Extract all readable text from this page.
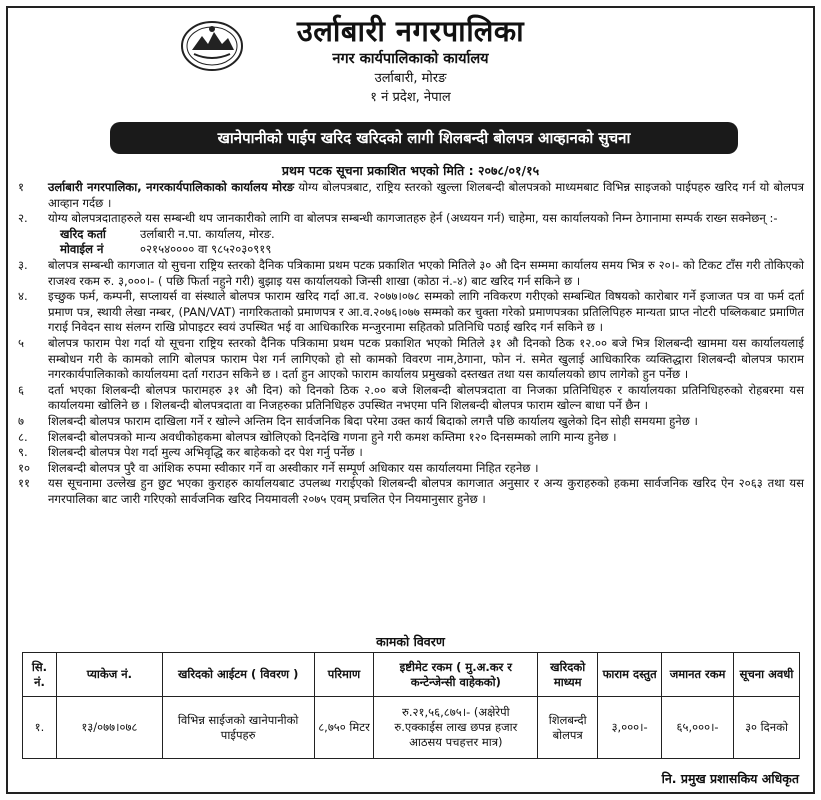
उर्लाबारी नगरपालिका
नगर कार्यपालिकाको कार्यालय
उर्लाबारी, मोरङ
१ नं प्रदेश, नेपाल
खानेपानीको पाईप खरिद खरिदको लागी शिलबन्दी बोलपत्र आव्हानको सुचना
प्रथम पटक सूचना प्रकाशित भएको मिति : २०७८/०१/१५
१	उर्लाबारी नगरपालिका, नगरकार्यपालिकाको कार्यालय मोरङ योग्य बोलपत्रबाट, राष्ट्रिय स्तरको खुल्ला शिलबन्दी बोलपत्रको माध्यमबाट विभिन्न साइजको पाईपहरु खरिद गर्न यो बोलपत्र आव्हान गर्दछ ।
२.	योग्य बोलपत्रदाताहरुले यस सम्बन्धी थप जानकारीको लागि वा बोलपत्र सम्बन्धी कागजातहरु हेर्न (अध्ययन गर्न) चाहेमा, यस कार्यालयको निम्न ठेगानामा सम्पर्क राख्न सक्नेछन् :-
खरिद कर्ता	उर्लाबारी न.पा. कार्यालय, मोरङ.
मोवाईल नं	०२१५४०००० वा ९८५२०३०९१९
३.	बोलपत्र सम्बन्धी कागजात यो सुचना राष्ट्रिय स्तरको दैनिक पत्रिकामा प्रथम पटक प्रकाशित भएको मितिले ३० औ दिन सम्ममा कार्यालय समय भित्र रु २०।- को टिकट टाँस गरी तोकिएको राजश्व रकम रु. ३,०००।- ( पछि फिर्ता नहुने गरी) बुझाइ यस कार्यालयको जिन्सी शाखा (कोठा नं.-४) बाट खरिद गर्न सकिने छ ।
४.	इच्छुक फर्म, कम्पनी, सप्लायर्स वा संस्थाले बोलपत्र फाराम खरिद गर्दा आ.व. २०७७।०७८ सम्मको लागि नविकरण गरीएको सम्बन्धित विषयको कारोबार गर्ने इजाजत पत्र वा फर्म दर्ता प्रमाण पत्र, स्थायी लेखा नम्बर, (PAN/VAT) नागरिकताको प्रमाणपत्र र आ.व.२०७६।०७७ सम्मको कर चुक्ता गरेको प्रमाणपत्रका प्रतिलिपिहरु मान्यता प्राप्त नोटरी पब्लिकबाट प्रमाणित गराई निवेदन साथ संलग्न राखि प्रोपाइटर स्वयं उपस्थित भई वा आधिकारिक मन्जुरनामा सहितको प्रतिनिधि पठाई खरिद गर्न सकिने छ ।
५	बोलपत्र फाराम पेश गर्दा यो सूचना राष्ट्रिय स्तरको दैनिक पत्रिकामा प्रथम पटक प्रकाशित भएको मितिले ३१ औ दिनको ठिक १२.०० बजे भित्र शिलबन्दी खाममा यस कार्यालयलाई सम्बोधन गरी के कामको लागि बोलपत्र फाराम पेश गर्न लागिएको हो सो कामको विवरण नाम,ठेगाना, फोन नं. समेत खुलाई आधिकारिक व्यक्तिद्धारा शिलबन्दी बोलपत्र फाराम नगरकार्यपालिकाको कार्यालयमा दर्ता गराउन सकिने छ । दर्ता हुन आएको फाराम कार्यालय प्रमुखको दस्तखत तथा यस कार्यालयको छाप लागेको हुन पर्नेछ ।
६	दर्ता भएका शिलबन्दी बोलपत्र फारामहरु ३१ औ दिन) को दिनको ठिक २.०० बजे शिलबन्दी बोलपत्रदाता वा निजका प्रतिनिधिहरु र कार्यालयका प्रतिनिधिहरुको रोहबरमा यस कार्यालयमा खोलिने छ । शिलबन्दी बोलपत्रदाता वा निजहरुका प्रतिनिधिहरु उपस्थित नभएमा पनि शिलबन्दी बोलपत्र फाराम खोल्न बाधा पर्ने छैन ।
७	शिलबन्दी बोलपत्र फाराम दाखिला गर्ने र खोल्ने अन्तिम दिन सार्वजनिक बिदा परेमा उक्त कार्य बिदाको लगत्तै पछि कार्यालय खुलेको दिन सोही समयमा हुनेछ ।
८.	शिलबन्दी बोलपत्रको मान्य अवधीकोहकमा बोलपत्र खोलिएको दिनदेखि गणना हुने गरी कमश कम्तिमा १२० दिनसम्मको लागि मान्य हुनेछ ।
९.	शिलबन्दी बोलपत्र पेश गर्दा मुल्य अभिवृद्धि कर बाहेकको दर पेश गर्नु पर्नेछ ।
१०	शिलबन्दी बोलपत्र पुरै वा आंशिक रुपमा स्वीकार गर्ने वा अस्वीकार गर्ने सम्पूर्ण अधिकार यस कार्यालयमा निहित रहनेछ ।
११	यस सूचनामा उल्लेख हुन छुट भएका कुराहरु कार्यालयबाट उपलब्ध गराईएको शिलबन्दी बोलपत्र कागजात अनुसार र अन्य कुराहरुको हकमा सार्वजनिक खरिद ऐन २०६३ तथा यस नगरपालिका बाट जारी गरिएको सार्वजनिक खरिद नियमावली २०७५ एवम् प्रचलित ऐन नियमानुसार हुनेछ ।
कामको विवरण
सि. नं.	प्याकेज नं.	खरिदको आईटम ( विवरण )	परिमाण	इष्टीमेट रकम ( मु.अ.कर र कन्टेन्जेन्सी वाहेकको)	खरिदको माध्यम	फाराम दस्तुत	जमानत रकम	सूचना अवधी
१.	१३/०७७।०७८	विभिन्न साईजको खानेपानीको पाईपहरु	८,७५० मिटर	रु.२१,५६,८७५।- (अक्षेरेपी रु.एक्काईस लाख छपन्न हजार आठसय पचहत्तर मात्र)	शिलबन्दी बोलपत्र	३,०००।-	६५,०००।-	३० दिनको
नि. प्रमुख प्रशासकिय अधिकृत
